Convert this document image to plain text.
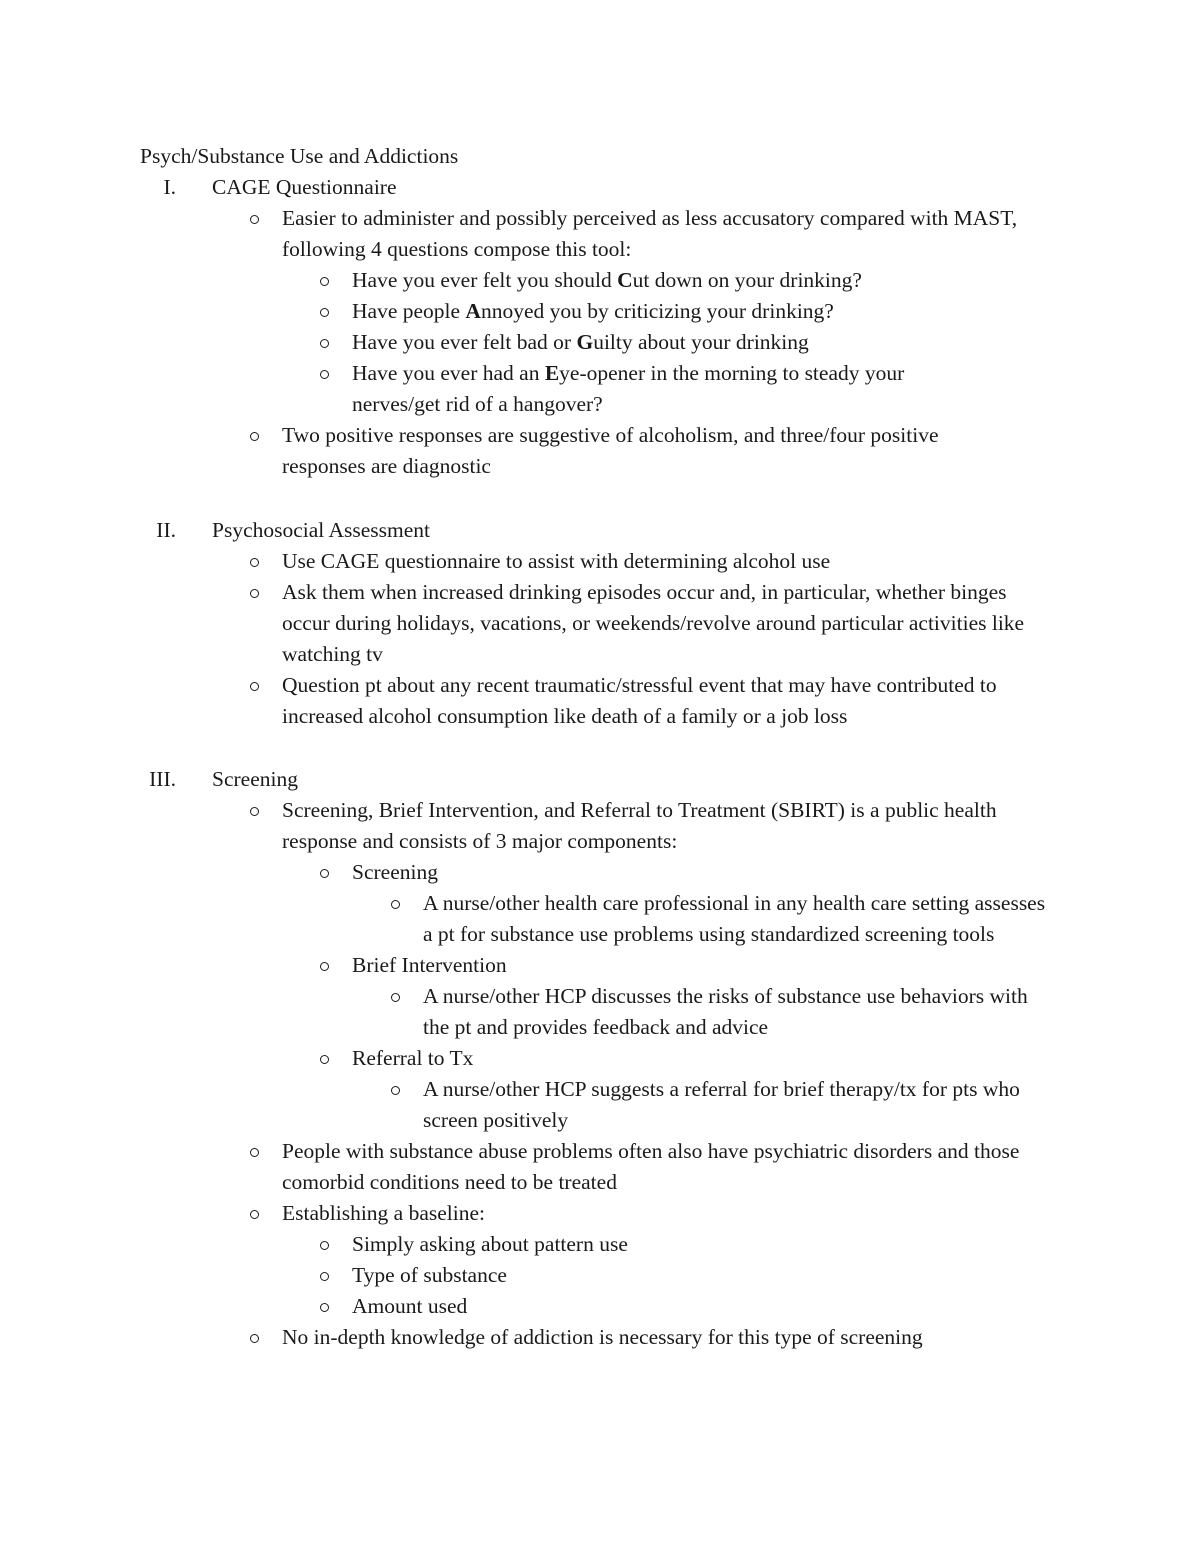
Psych/Substance Use and Addictions
I. CAGE Questionnaire
Easier to administer and possibly perceived as less accusatory compared with MAST, following 4 questions compose this tool:
Have you ever felt you should Cut down on your drinking?
Have people Annoyed you by criticizing your drinking?
Have you ever felt bad or Guilty about your drinking
Have you ever had an Eye-opener in the morning to steady your nerves/get rid of a hangover?
Two positive responses are suggestive of alcoholism, and three/four positive responses are diagnostic
II. Psychosocial Assessment
Use CAGE questionnaire to assist with determining alcohol use
Ask them when increased drinking episodes occur and, in particular, whether binges occur during holidays, vacations, or weekends/revolve around particular activities like watching tv
Question pt about any recent traumatic/stressful event that may have contributed to increased alcohol consumption like death of a family or a job loss
III. Screening
Screening, Brief Intervention, and Referral to Treatment (SBIRT) is a public health response and consists of 3 major components:
Screening
A nurse/other health care professional in any health care setting assesses a pt for substance use problems using standardized screening tools
Brief Intervention
A nurse/other HCP discusses the risks of substance use behaviors with the pt and provides feedback and advice
Referral to Tx
A nurse/other HCP suggests a referral for brief therapy/tx for pts who screen positively
People with substance abuse problems often also have psychiatric disorders and those comorbid conditions need to be treated
Establishing a baseline:
Simply asking about pattern use
Type of substance
Amount used
No in-depth knowledge of addiction is necessary for this type of screening
